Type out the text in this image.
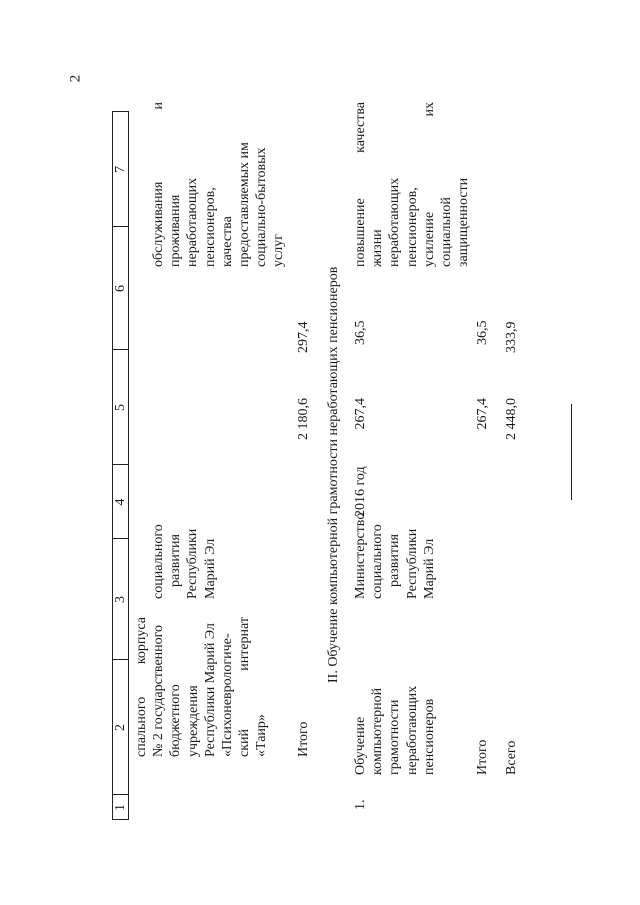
2
1
2
3
4
5
6
7
спального корпуса № 2 государственного бюджетного учреждения Республики Марий Эл «Психоневрологиче- ский интернат «Таир»
социального развития Республики Марий Эл
обслуживания и проживания неработающих пенсионеров, качества предоставляемых им социально-бытовых услуг
Итого
2 180,6
297,4 II. Обучение компьютерной грамотности неработающих пенсионеров
1.
Обучение компьютерной грамотности неработающих пенсионеров
Министерство социального развития Республики Марий Эл
2016 год
267,4
36,5
повышение качества жизни неработающих пенсионеров, усиление их социальной защищенности
Итого
267,4
36,5
Всего
2 448,0
333,9
